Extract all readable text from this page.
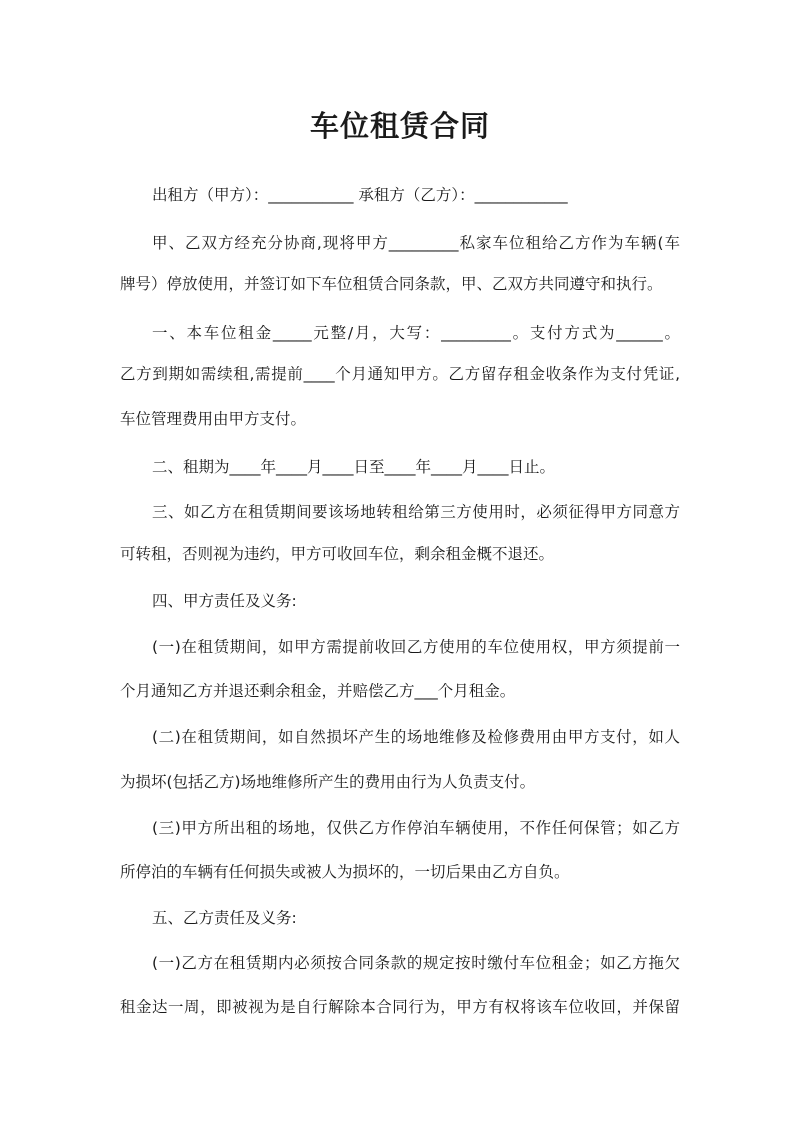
车位租赁合同
出租方（甲方）：___________ 承租方（乙方）：____________
甲、乙双方经充分协商,现将甲方_________私家车位租给乙方作为车辆(车
牌号）停放使用，并签订如下车位租赁合同条款，甲、乙双方共同遵守和执行。
一、本车位租金_____元整/月，大写：_________。支付方式为______。
乙方到期如需续租,需提前____个月通知甲方。乙方留存租金收条作为支付凭证,
车位管理费用由甲方支付。
二、租期为____年____月____日至____年____月____日止。
三、如乙方在租赁期间要该场地转租给第三方使用时，必须征得甲方同意方
可转租，否则视为违约，甲方可收回车位，剩余租金概不退还。
四、甲方责任及义务:
(一)在租赁期间，如甲方需提前收回乙方使用的车位使用权，甲方须提前一
个月通知乙方并退还剩余租金，并赔偿乙方___个月租金。
(二)在租赁期间，如自然损坏产生的场地维修及检修费用由甲方支付，如人
为损坏(包括乙方)场地维修所产生的费用由行为人负责支付。
(三)甲方所出租的场地，仅供乙方作停泊车辆使用，不作任何保管；如乙方
所停泊的车辆有任何损失或被人为损坏的，一切后果由乙方自负。
五、乙方责任及义务:
(一)乙方在租赁期内必须按合同条款的规定按时缴付车位租金；如乙方拖欠
租金达一周，即被视为是自行解除本合同行为，甲方有权将该车位收回，并保留
